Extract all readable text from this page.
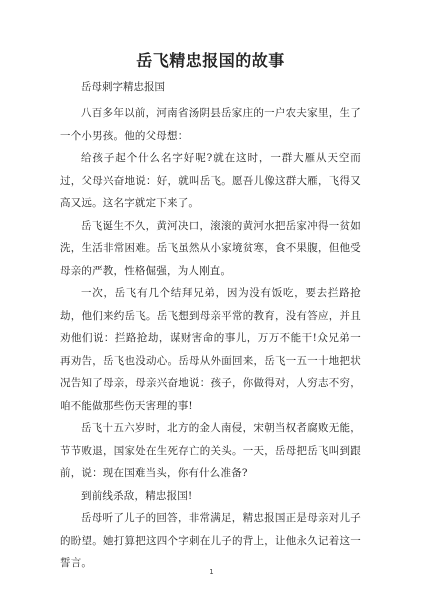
岳飞精忠报国的故事
岳母刺字精忠报国

八百多年以前，河南省汤阴县岳家庄的一户农夫家里，生了一个小男孩。他的父母想：

给孩子起个什么名字好呢?就在这时，一群大雁从天空而过，父母兴奋地说：好，就叫岳飞。愿吾儿像这群大雁，飞得又高又远。这名字就定下来了。

岳飞诞生不久，黄河决口，滚滚的黄河水把岳家冲得一贫如洗，生活非常困难。岳飞虽然从小家境贫寒，食不果腹，但他受母亲的严教，性格倔强，为人刚直。

一次，岳飞有几个结拜兄弟，因为没有饭吃，要去拦路抢劫，他们来约岳飞。岳飞想到母亲平常的教育，没有答应，并且劝他们说：拦路抢劫，谋财害命的事儿，万万不能干!众兄弟一再劝告，岳飞也没动心。岳母从外面回来，岳飞一五一十地把状况告知了母亲，母亲兴奋地说：孩子，你做得对，人穷志不穷，咱不能做那些伤天害理的事!

岳飞十五六岁时，北方的金人南侵，宋朝当权者腐败无能，节节败退，国家处在生死存亡的关头。一天，岳母把岳飞叫到跟前，说：现在国难当头，你有什么准备?

到前线杀敌，精忠报国!

岳母听了儿子的回答，非常满足，精忠报国正是母亲对儿子的盼望。她打算把这四个字刺在儿子的背上，让他永久记着这一誓言。

1
